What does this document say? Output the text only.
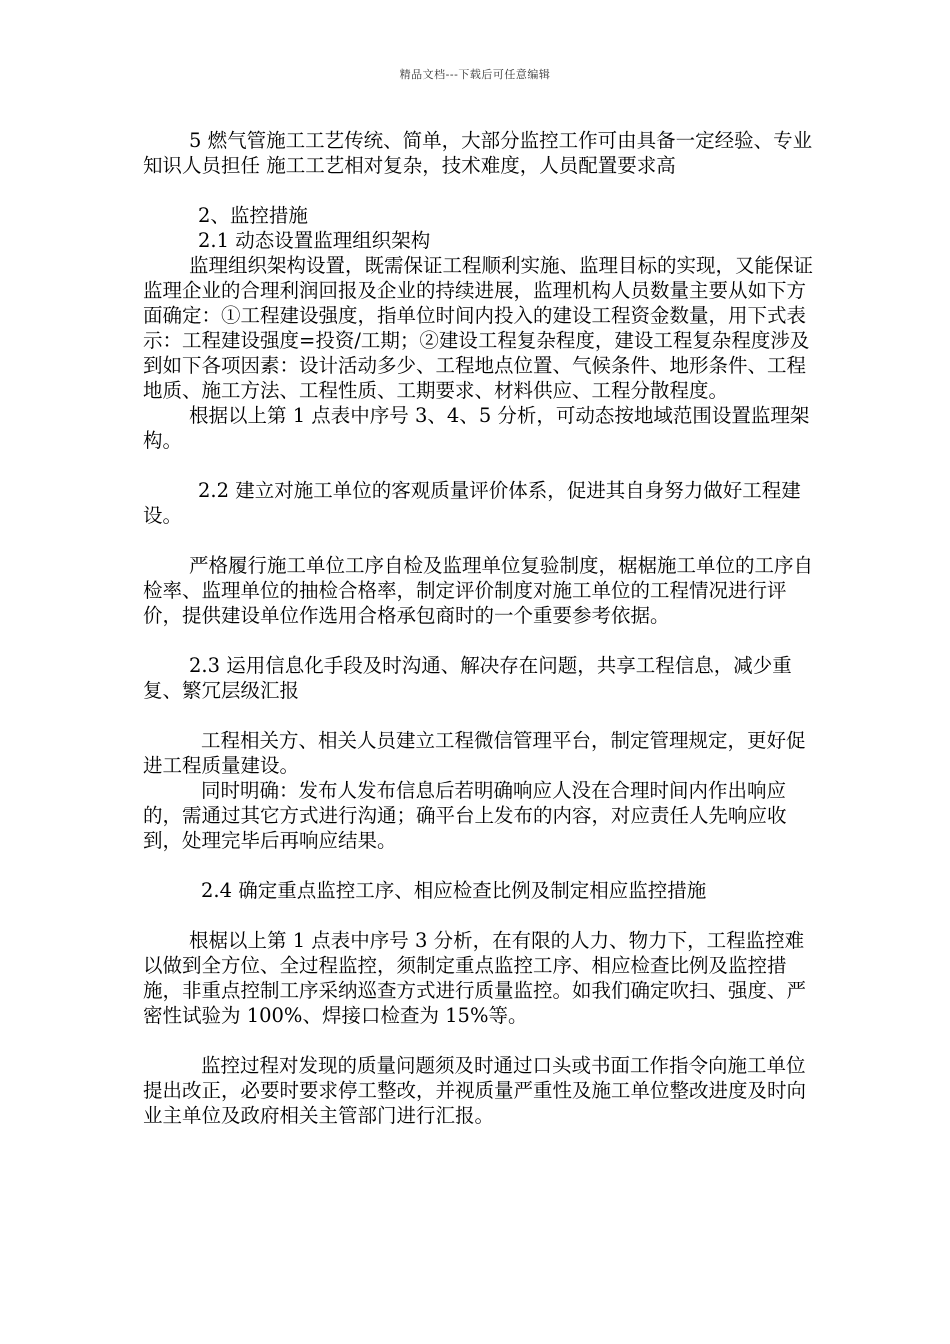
精品文档---下载后可任意编辑

5 燃气管施工工艺传统、简单，大部分监控工作可由具备一定经验、专业知识人员担任 施工工艺相对复杂，技术难度，人员配置要求高

2、监控措施

2.1 动态设置监理组织架构

监理组织架构设置，既需保证工程顺利实施、监理目标的实现，又能保证监理企业的合理利润回报及企业的持续进展，监理机构人员数量主要从如下方面确定：①工程建设强度，指单位时间内投入的建设工程资金数量，用下式表示：工程建设强度=投资/工期；②建设工程复杂程度，建设工程复杂程度涉及到如下各项因素：设计活动多少、工程地点位置、气候条件、地形条件、工程地质、施工方法、工程性质、工期要求、材料供应、工程分散程度。

根据以上第 1 点表中序号 3、4、5 分析，可动态按地域范围设置监理架构。

2.2 建立对施工单位的客观质量评价体系，促进其自身努力做好工程建设。

严格履行施工单位工序自检及监理单位复验制度，椐椐施工单位的工序自检率、监理单位的抽检合格率，制定评价制度对施工单位的工程情况进行评价，提供建设单位作选用合格承包商时的一个重要参考依据。

2.3 运用信息化手段及时沟通、解决存在问题，共享工程信息，减少重复、繁冗层级汇报

工程相关方、相关人员建立工程微信管理平台，制定管理规定，更好促进工程质量建设。

同时明确：发布人发布信息后若明确响应人没在合理时间内作出响应的，需通过其它方式进行沟通；确平台上发布的内容，对应责任人先响应收到，处理完毕后再响应结果。

2.4 确定重点监控工序、相应检查比例及制定相应监控措施

根椐以上第 1 点表中序号 3 分析，在有限的人力、物力下，工程监控难以做到全方位、全过程监控，须制定重点监控工序、相应检查比例及监控措施，非重点控制工序采纳巡查方式进行质量监控。如我们确定吹扫、强度、严密性试验为 100%、焊接口检查为 15%等。

监控过程对发现的质量问题须及时通过口头或书面工作指令向施工单位提出改正，必要时要求停工整改，并视质量严重性及施工单位整改进度及时向业主单位及政府相关主管部门进行汇报。
